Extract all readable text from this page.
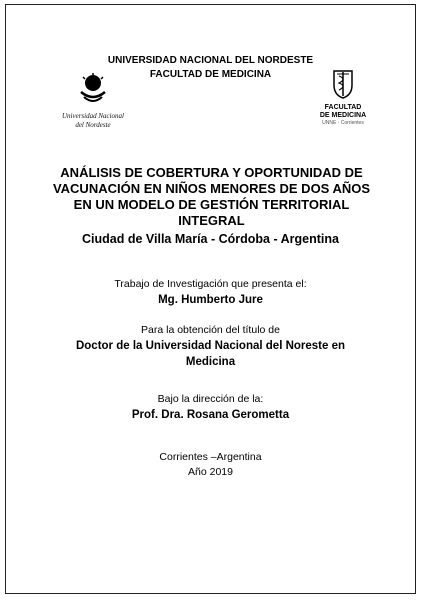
UNIVERSIDAD NACIONAL DEL NORDESTE
FACULTAD DE MEDICINA
Universidad Nacional
del Nordeste
FACULTAD
DE MEDICINA
UNNE · Corrientes
ANÁLISIS DE COBERTURA Y OPORTUNIDAD DE VACUNACIÓN EN NIÑOS MENORES DE DOS AÑOS EN UN MODELO DE GESTIÓN TERRITORIAL INTEGRAL
Ciudad de Villa María - Córdoba - Argentina
Trabajo de Investigación que presenta el:
Mg. Humberto Jure
Para la obtención del título de
Doctor de la Universidad Nacional del Noreste en
Medicina
Bajo la dirección de la:
Prof. Dra. Rosana Gerometta
Corrientes –Argentina
Año 2019
